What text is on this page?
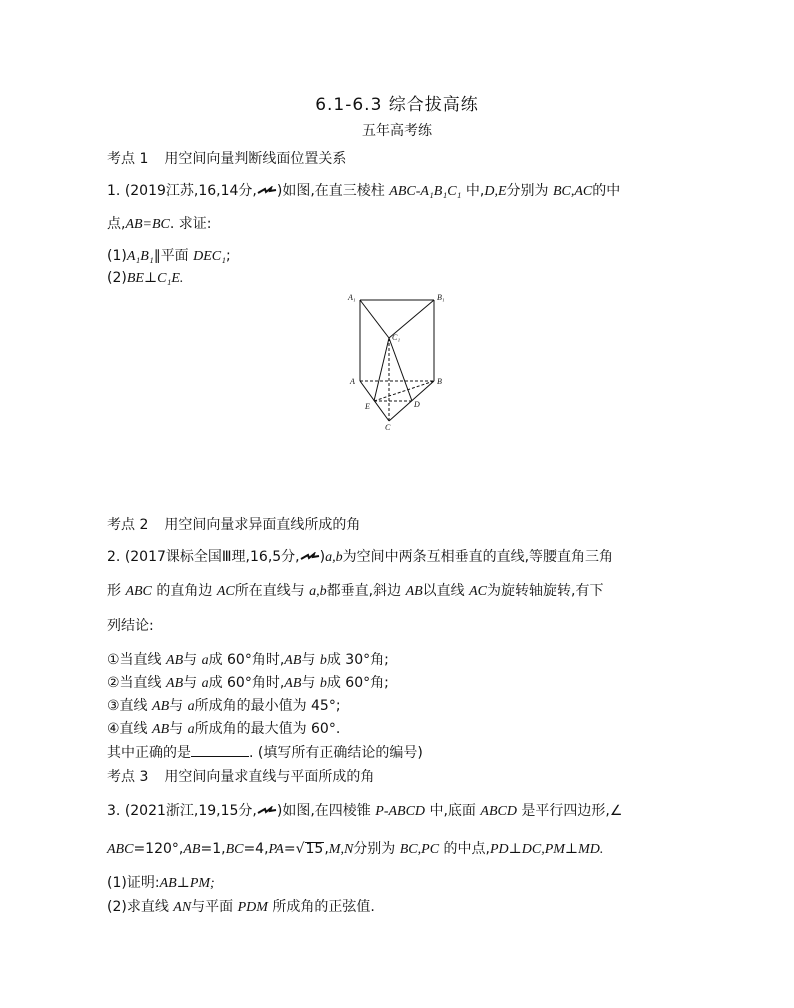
6.1-6.3 综合拔高练
五年高考练
考点 1 用空间向量判断线面位置关系
1. (2019江苏,16,14分, )如图,在直三棱柱 ABC-A₁B₁C₁ 中,D,E分别为 BC,AC的中
点,AB=BC. 求证:
(1)A₁B₁∥平面 DEC₁;
(2)BE⊥C₁E.
A₁	B₁
C₁
A	B
E	D
C
考点 2 用空间向量求异面直线所成的角
2. (2017课标全国Ⅲ理,16,5分, )a,b为空间中两条互相垂直的直线,等腰直角三角
形 ABC 的直角边 AC所在直线与 a,b都垂直,斜边 AB以直线 AC为旋转轴旋转,有下
列结论:
①当直线 AB与 a成 60°角时,AB与 b成 30°角;
②当直线 AB与 a成 60°角时,AB与 b成 60°角;
③直线 AB与 a所成角的最小值为 45°;
④直线 AB与 a所成角的最大值为 60°.
其中正确的是	. (填写所有正确结论的编号)
考点 3 用空间向量求直线与平面所成的角
3. (2021浙江,19,15分, )如图,在四棱锥 P-ABCD 中,底面 ABCD 是平行四边形,∠
ABC=120°,AB=1,BC=4,PA=√15,M,N分别为 BC,PC 的中点,PD⊥DC,PM⊥MD.
(1)证明:AB⊥PM;
(2)求直线 AN与平面 PDM 所成角的正弦值.
